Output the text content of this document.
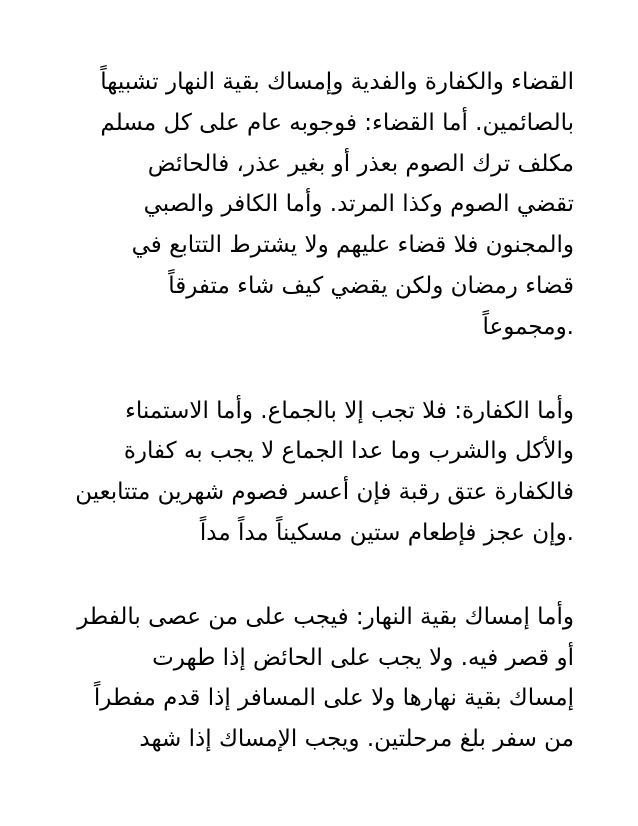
القضاء والكفارة والفدية وإمساك بقية النهار تشبيهاً
بالصائمين. أما القضاء: فوجوبه عام على كل مسلم
مكلف ترك الصوم بعذر أو بغير عذر، فالحائض
تقضي الصوم وكذا المرتد. وأما الكافر والصبي
والمجنون فلا قضاء عليهم ولا يشترط التتابع في
قضاء رمضان ولكن يقضي كيف شاء متفرقاً
.ومجموعاً
وأما الكفارة: فلا تجب إلا بالجماع. وأما الاستمناء
والأكل والشرب وما عدا الجماع لا يجب به كفارة
فالكفارة عتق رقبة فإن أعسر فصوم شهرين متتابعين
.وإن عجز فإطعام ستين مسكيناً مداً مداً
وأما إمساك بقية النهار: فيجب على من عصى بالفطر
أو قصر فيه. ولا يجب على الحائض إذا طهرت
إمساك بقية نهارها ولا على المسافر إذا قدم مفطراً
من سفر بلغ مرحلتين. ويجب الإمساك إذا شهد
